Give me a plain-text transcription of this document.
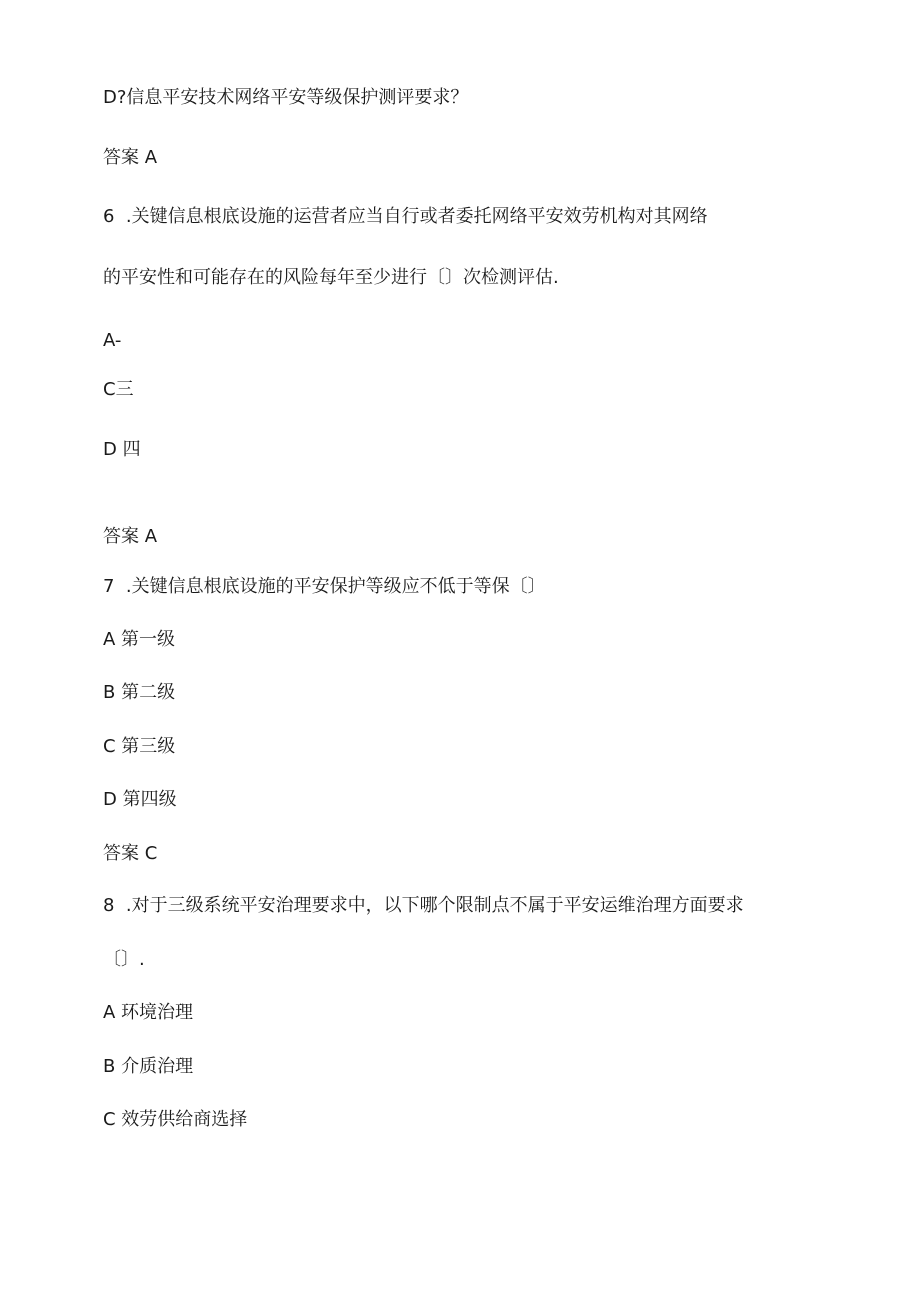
D?信息平安技术网络平安等级保护测评要求？
答案 A
6  .关键信息根底设施的运营者应当自行或者委托网络平安效劳机构对其网络
的平安性和可能存在的风险每年至少进行〔〕次检测评估.
A-
C三
D 四
答案 A
7  .关键信息根底设施的平安保护等级应不低于等保〔〕
A 第一级
B 第二级
C 第三级
D 第四级
答案 C
8  .对于三级系统平安治理要求中，以下哪个限制点不属于平安运维治理方面要求
〔〕.
A 环境治理
B 介质治理
C 效劳供给商选择
